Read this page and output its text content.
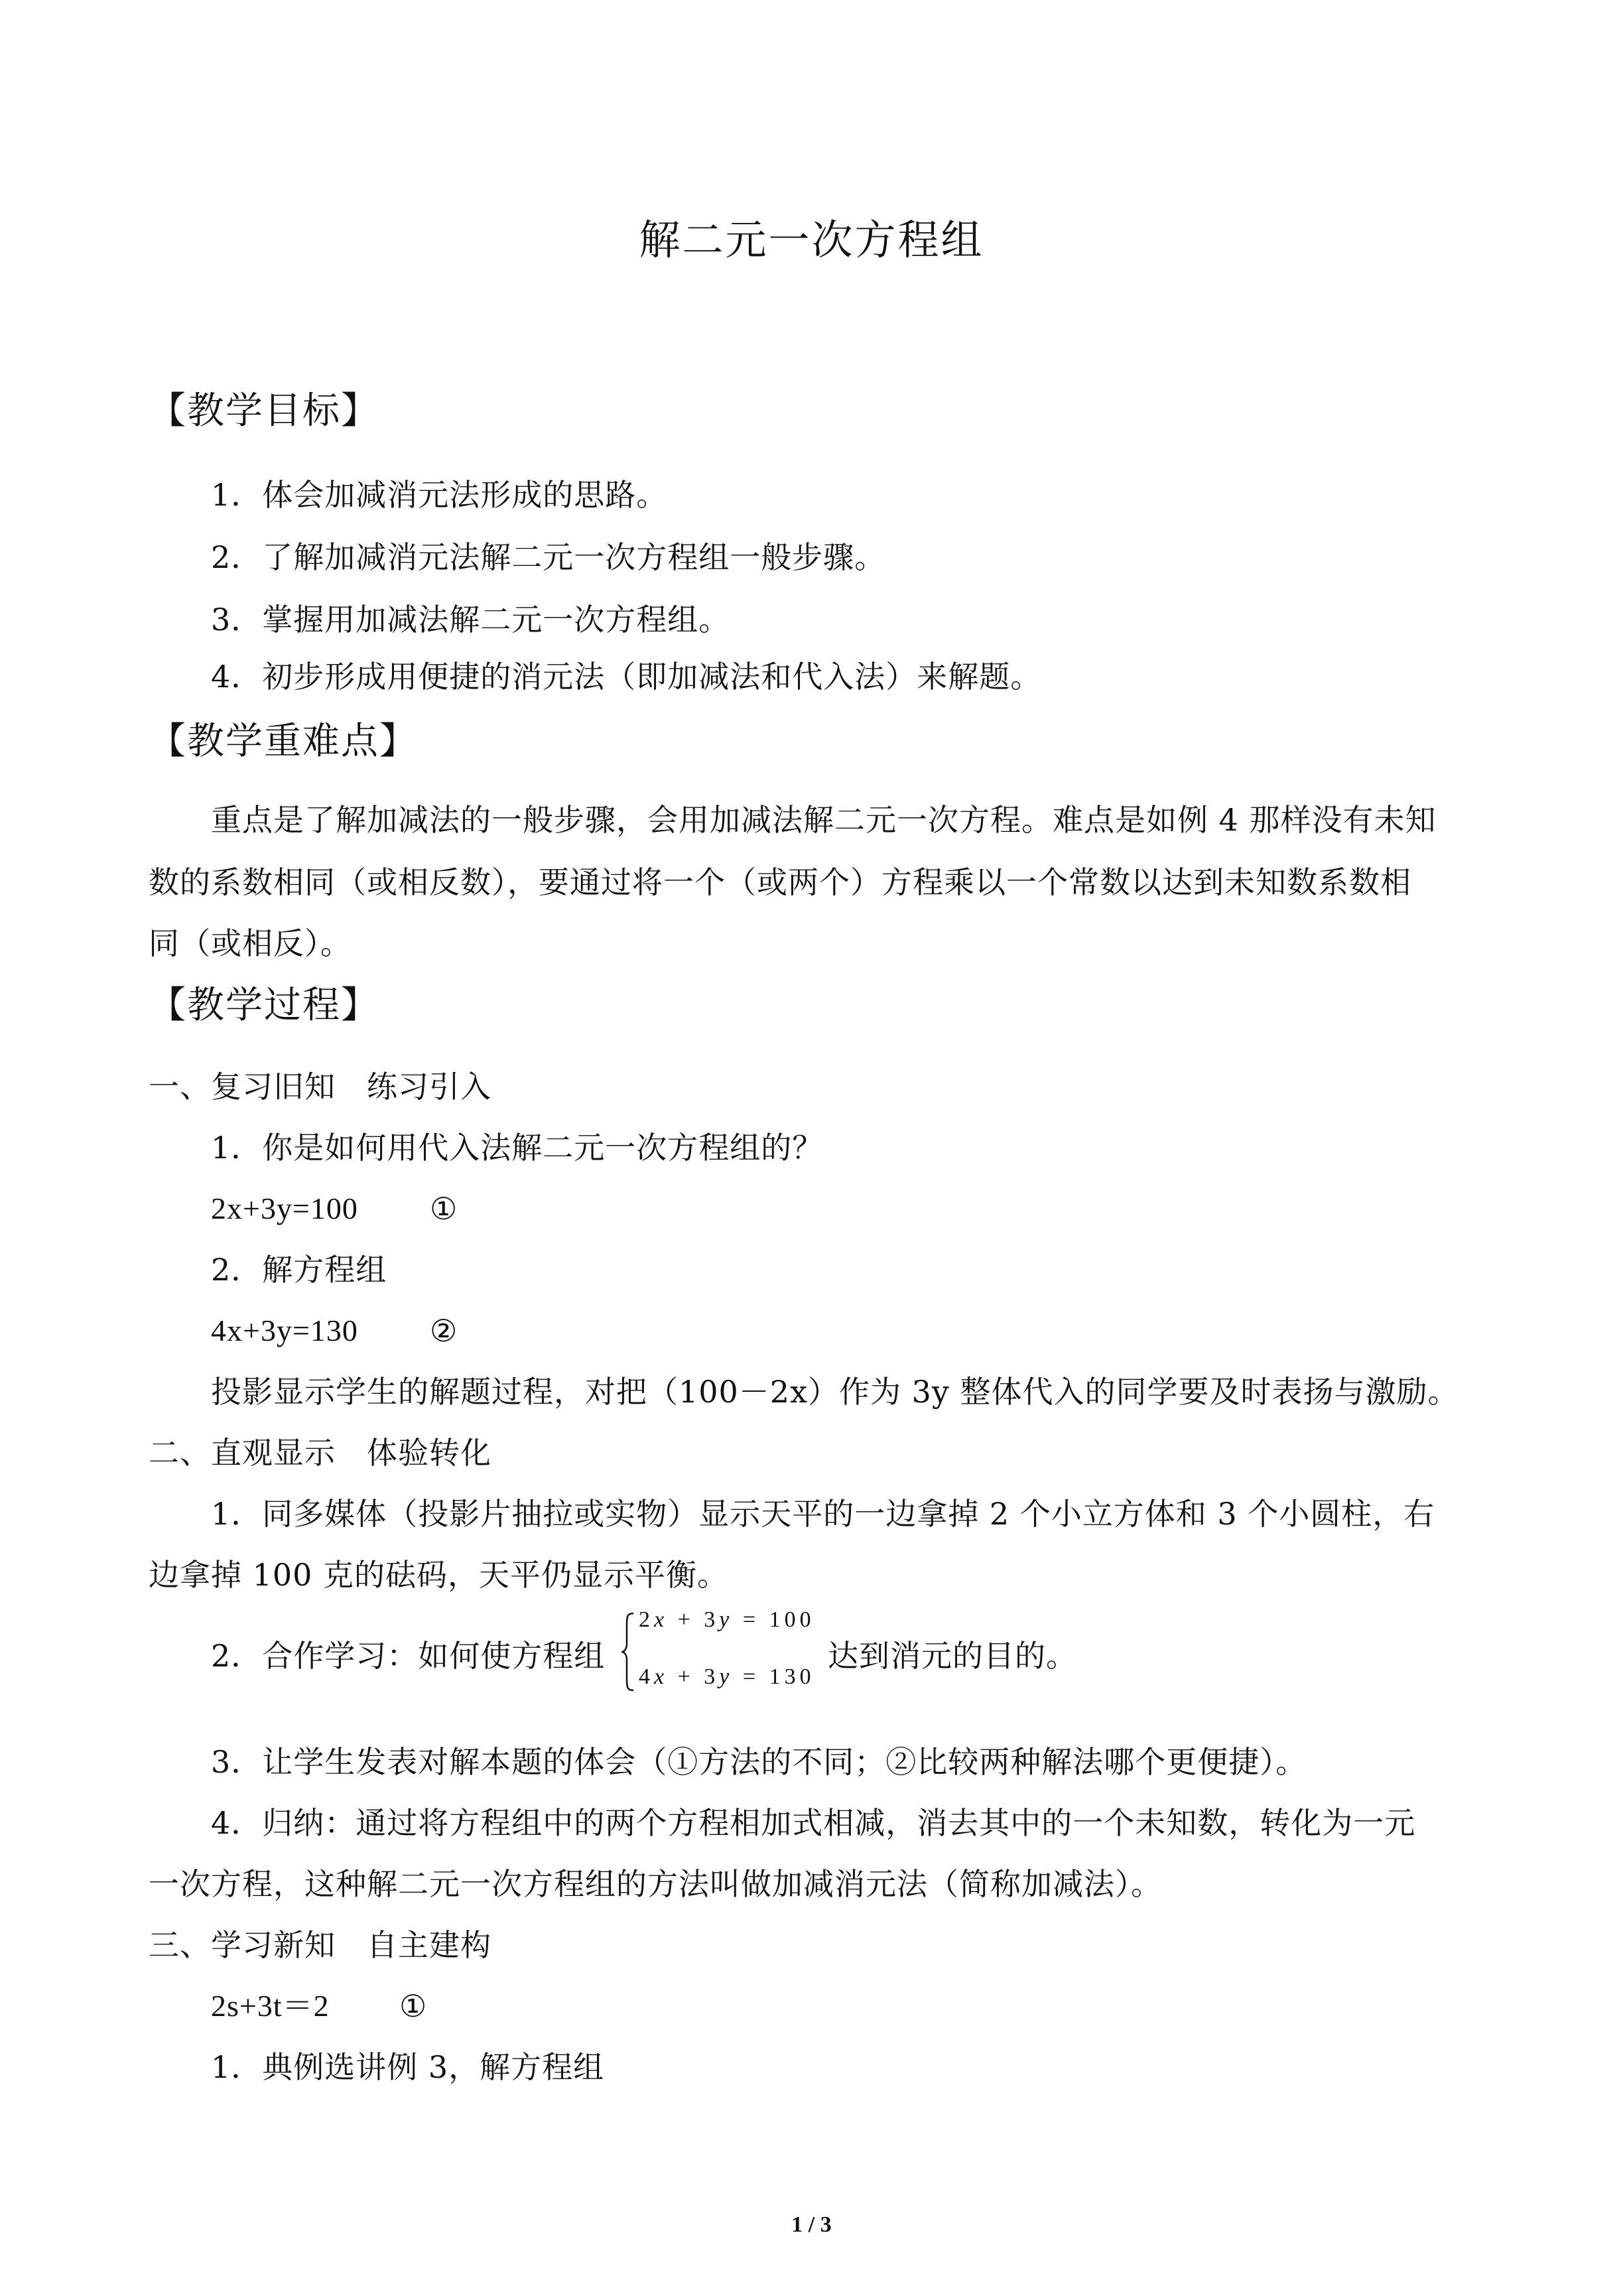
解二元一次方程组
【教学目标】
1．体会加减消元法形成的思路。
2．了解加减消元法解二元一次方程组一般步骤。
3．掌握用加减法解二元一次方程组。
4．初步形成用便捷的消元法（即加减法和代入法）来解题。
【教学重难点】
重点是了解加减法的一般步骤，会用加减法解二元一次方程。难点是如例 4 那样没有未知
数的系数相同（或相反数），要通过将一个（或两个）方程乘以一个常数以达到未知数系数相
同（或相反）。
【教学过程】
一、复习旧知　练习引入
1．你是如何用代入法解二元一次方程组的？
2x+3y=100 ①
2．解方程组
4x+3y=130 ②
投影显示学生的解题过程，对把（100－2x）作为 3y 整体代入的同学要及时表扬与激励。
二、直观显示　体验转化
1．同多媒体（投影片抽拉或实物）显示天平的一边拿掉 2 个小立方体和 3 个小圆柱，右
边拿掉 100 克的砝码，天平仍显示平衡。
2．合作学习：如何使方程组
2x + 3y = 100
4x + 3y = 130
达到消元的目的。
3．让学生发表对解本题的体会（①方法的不同；②比较两种解法哪个更便捷）。
4．归纳：通过将方程组中的两个方程相加式相减，消去其中的一个未知数，转化为一元
一次方程，这种解二元一次方程组的方法叫做加减消元法（简称加减法）。
三、学习新知　自主建构
2s+3t＝2 ①
1．典例选讲例 3，解方程组
1 / 3
